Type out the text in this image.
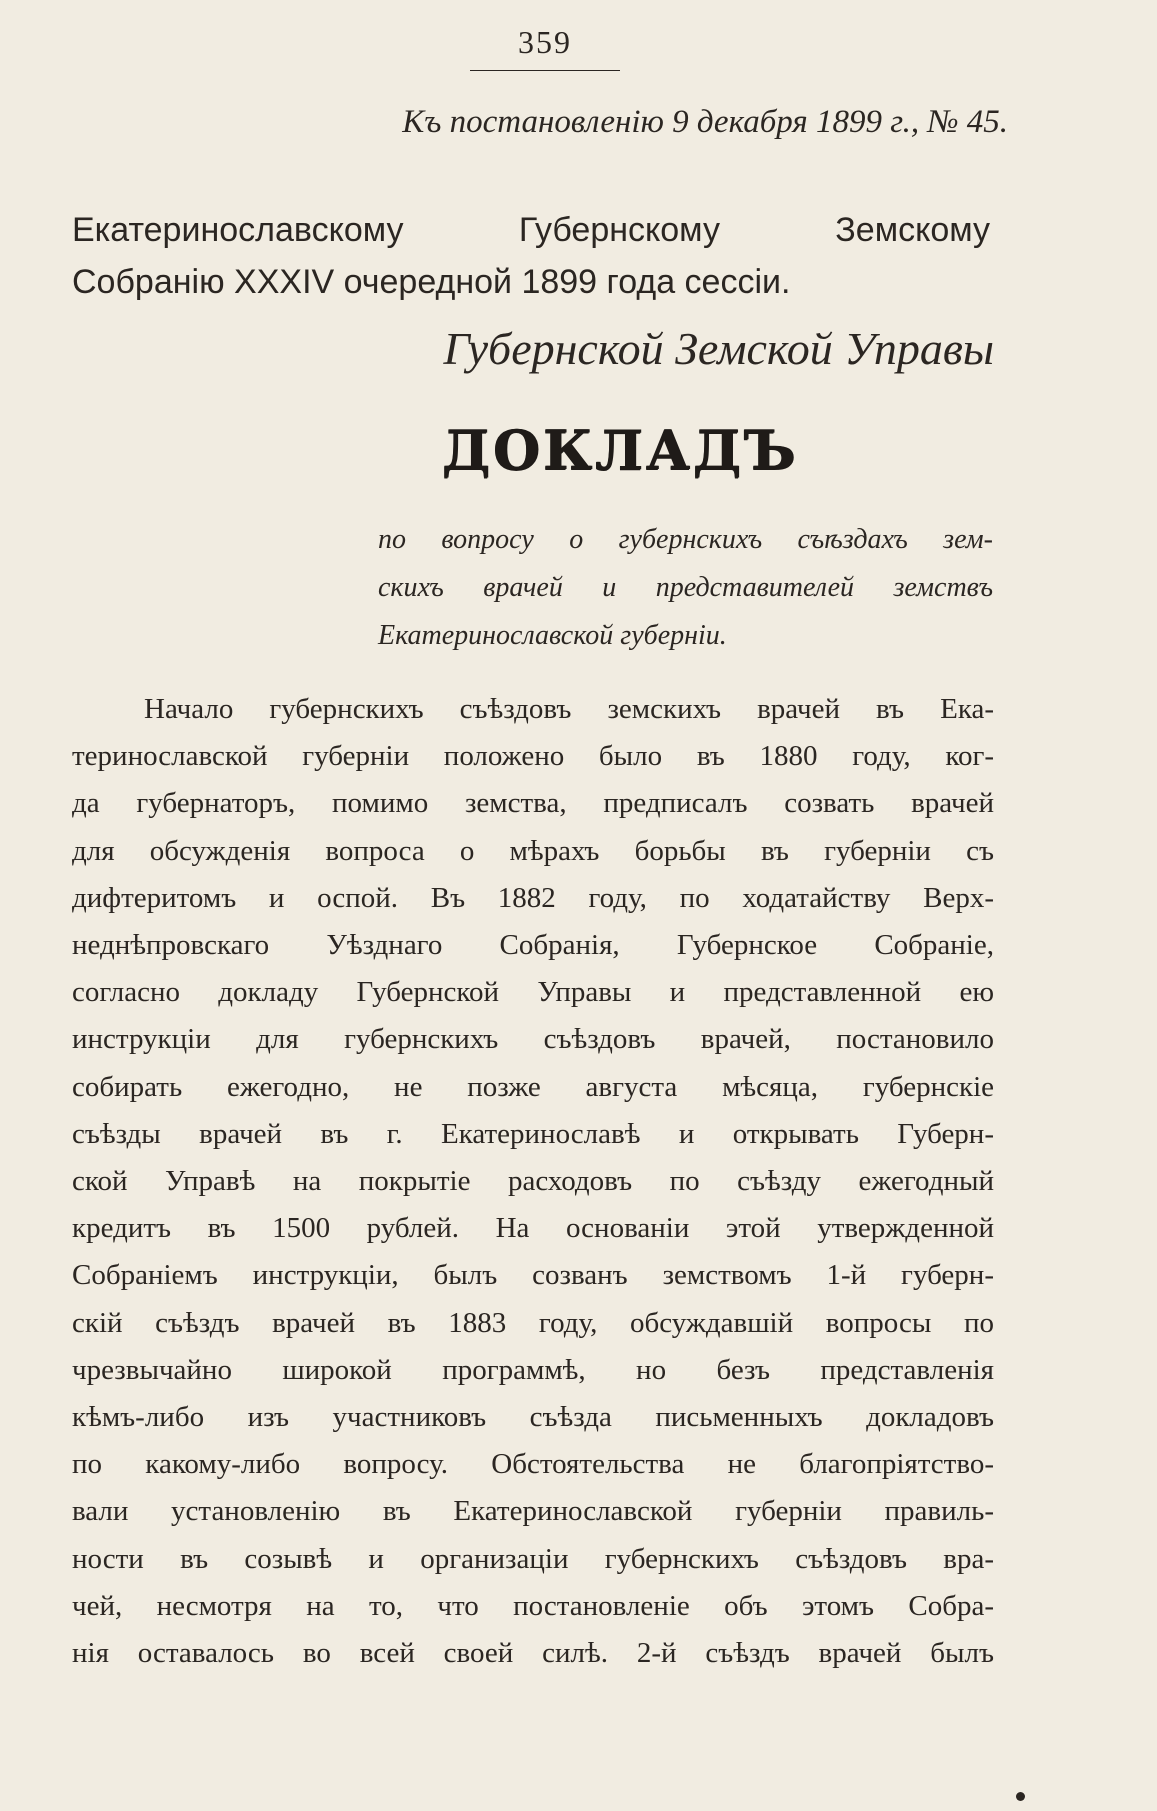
359
Къ постановленію 9 декабря 1899 г., № 45.
Екатеринославскому Губернскому Земскому
Собранію XXXIV очередной 1899 года сессіи.
Губернской Земской Управы
ДОКЛАДЪ
по вопросу о губернскихъ съѣздахъ зем-
скихъ врачей и представителей земствъ
Екатеринославской губерніи.
Начало губернскихъ съѣздовъ земскихъ врачей въ Ека-
теринославской губерніи положено было въ 1880 году, ког-
да губернаторъ, помимо земства, предписалъ созвать врачей
для обсужденія вопроса о мѣрахъ борьбы въ губерніи съ
дифтеритомъ и оспой. Въ 1882 году, по ходатайству Верх-
неднѣпровскаго Уѣзднаго Собранія, Губернское Собраніе,
согласно докладу Губернской Управы и представленной ею
инструкціи для губернскихъ съѣздовъ врачей, постановило
собирать ежегодно, не позже августа мѣсяца, губернскіе
съѣзды врачей въ г. Екатеринославѣ и открывать Губерн-
ской Управѣ на покрытіе расходовъ по съѣзду ежегодный
кредитъ въ 1500 рублей. На основаніи этой утвержденной
Собраніемъ инструкціи, былъ созванъ земствомъ 1-й губерн-
скій съѣздъ врачей въ 1883 году, обсуждавшій вопросы по
чрезвычайно широкой программѣ, но безъ представленія
кѣмъ-либо изъ участниковъ съѣзда письменныхъ докладовъ
по какому-либо вопросу. Обстоятельства не благопріятство-
вали установленію въ Екатеринославской губерніи правиль-
ности въ созывѣ и организаціи губернскихъ съѣздовъ вра-
чей, несмотря на то, что постановленіе объ этомъ Собра-
нія оставалось во всей своей силѣ. 2-й съѣздъ врачей былъ
